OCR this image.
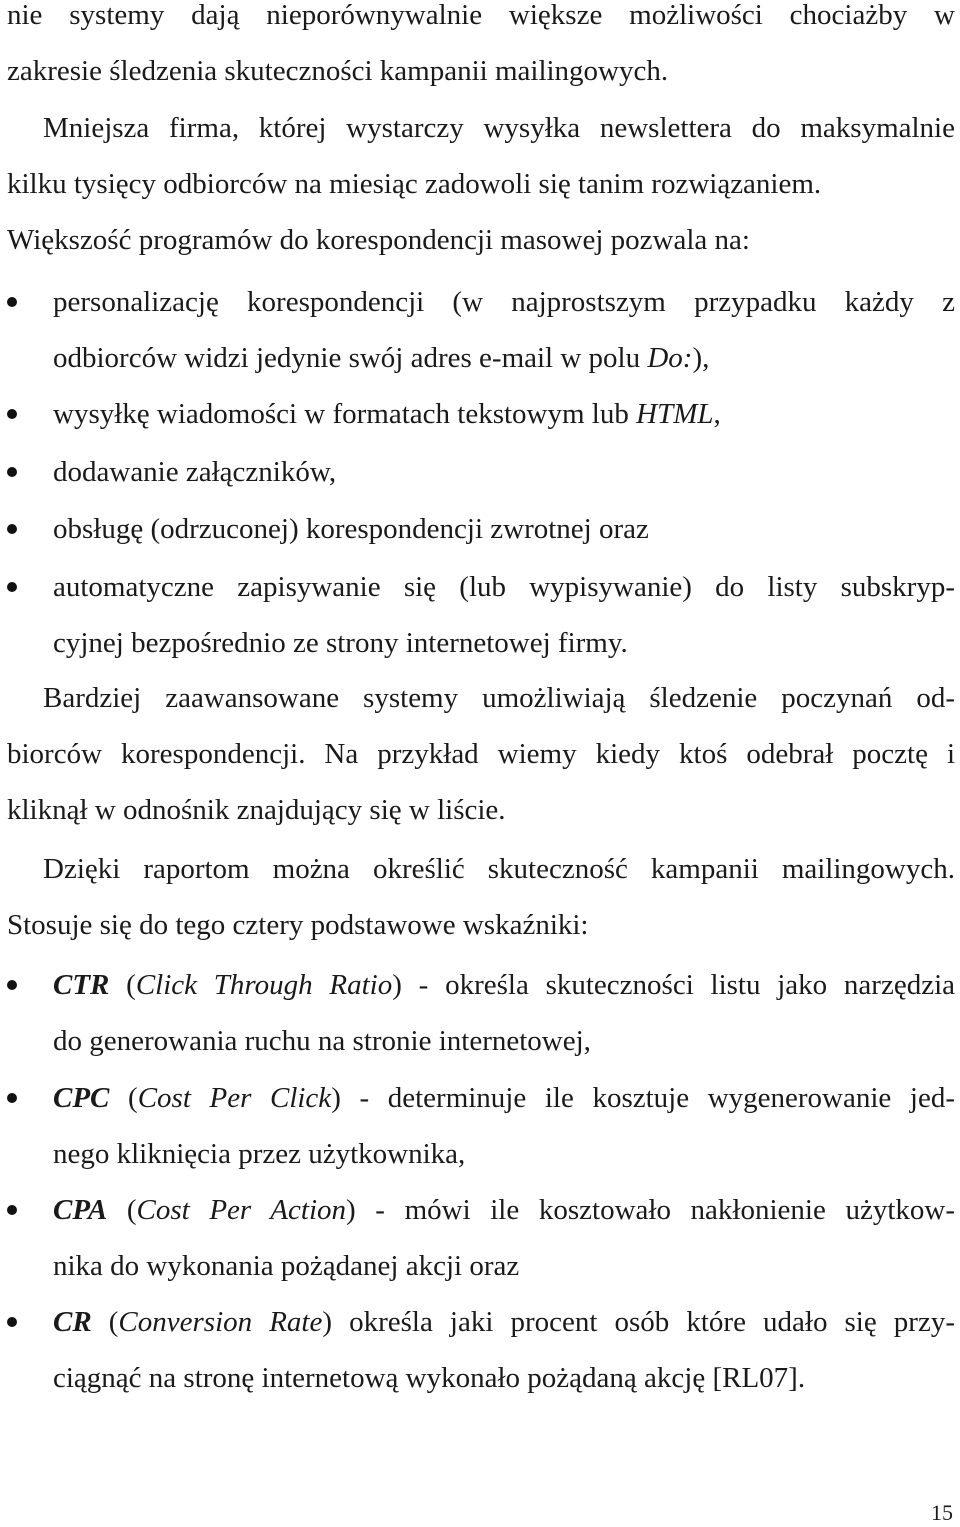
nie systemy dają nieporównywalnie większe możliwości chociażby w
zakresie śledzenia skuteczności kampanii mailingowych.
Mniejsza firma, której wystarczy wysyłka newslettera do maksymalnie
kilku tysięcy odbiorców na miesiąc zadowoli się tanim rozwiązaniem.
Większość programów do korespondencji masowej pozwala na:
personalizację korespondencji (w najprostszym przypadku każdy z
odbiorców widzi jedynie swój adres e-mail w polu Do:),
wysyłkę wiadomości w formatach tekstowym lub HTML,
dodawanie załączników,
obsługę (odrzuconej) korespondencji zwrotnej oraz
automatyczne zapisywanie się (lub wypisywanie) do listy subskryp-
cyjnej bezpośrednio ze strony internetowej firmy.
Bardziej zaawansowane systemy umożliwiają śledzenie poczynań od-
biorców korespondencji. Na przykład wiemy kiedy ktoś odebrał pocztę i
kliknął w odnośnik znajdujący się w liście.
Dzięki raportom można określić skuteczność kampanii mailingowych.
Stosuje się do tego cztery podstawowe wskaźniki:
CTR (Click Through Ratio) - określa skuteczności listu jako narzędzia
do generowania ruchu na stronie internetowej,
CPC (Cost Per Click) - determinuje ile kosztuje wygenerowanie jed-
nego kliknięcia przez użytkownika,
CPA (Cost Per Action) - mówi ile kosztowało nakłonienie użytkow-
nika do wykonania pożądanej akcji oraz
CR (Conversion Rate) określa jaki procent osób które udało się przy-
ciągnąć na stronę internetową wykonało pożądaną akcję [RL07].
15
